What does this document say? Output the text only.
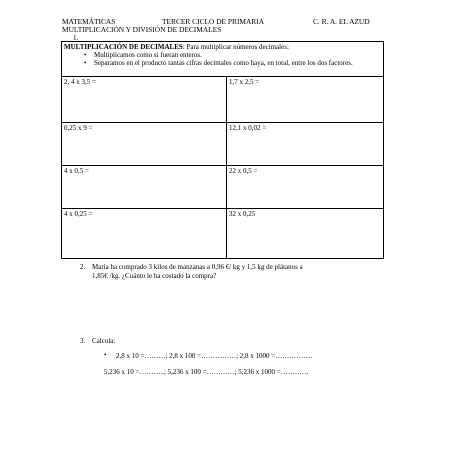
MATEMÁTICAS	TERCER CICLO DE PRIMARIA	C. R. A. EL AZUD
MULTIPLICACIÓN Y DIVISIÓN DE DECIMALES
1.
MULTIPLICACIÓN DE DECIMALES: Para multiplicar números decimales:
• Multiplicamos como si fueran enteros.
• Separamos en el producto tantas cifras decimales como haya, en total, entre los dos factores.
2, 4 x 3,5 =	1,7 x 2,5 =
0,25 x 9 =	12,1 x 0,02 =
4 x 0,5 =	22 x 0,5 =
4 x 0,25 =	32 x 0,25
2. María ha comprado 3 kilos de manzanas a 0,96 €/ kg y 1,5 kg de plátanos a
1,85€ /kg. ¿Cuánto le ha costado la compra?
3. Calcula:
• 2,8 x 10 =………; 2,8 x 100 =……………; 2,8 x 1000 =…………….
5,236 x 10 =………..; 5,236 x 100 =…………; 5,236 x 1000 =…………
